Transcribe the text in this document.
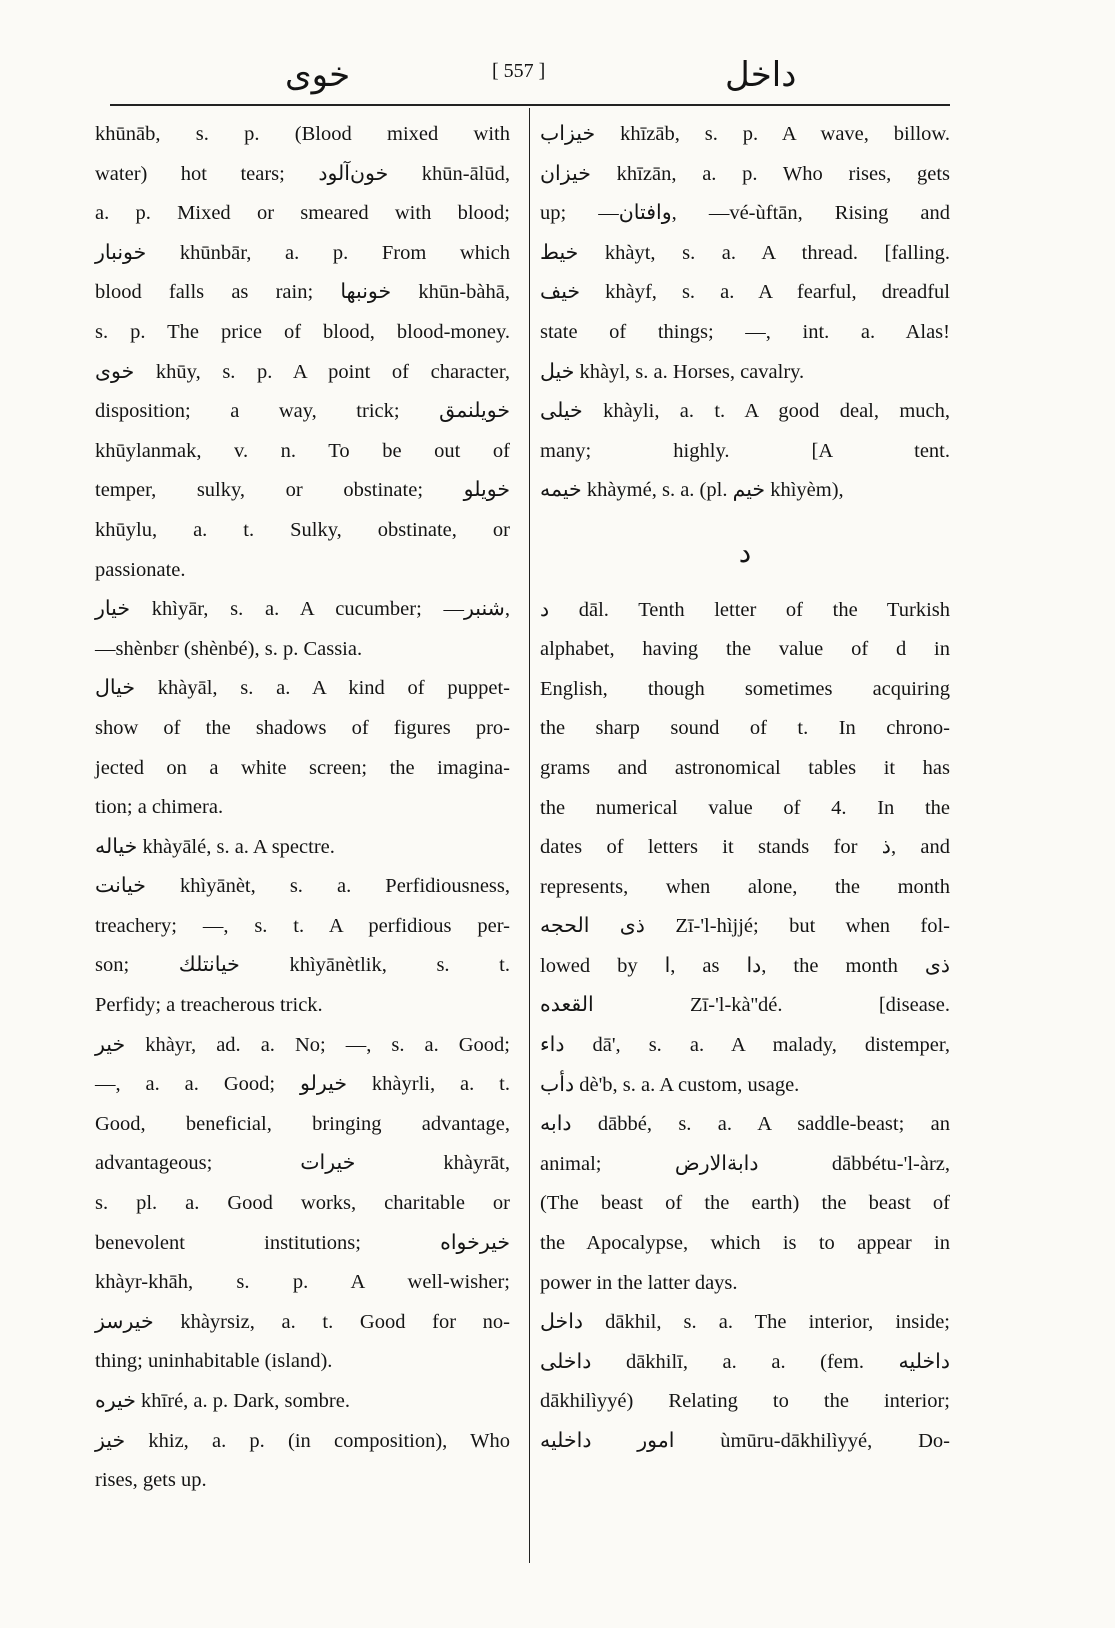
خوى	[ 557 ]	داخل
khūnāb, s. p. (Blood mixed with
water) hot tears; خون‌آلود khūn-ālūd,
a. p. Mixed or smeared with blood;
خونبار khūnbār, a. p. From which
blood falls as rain; خونبها khūn-bàhā,
s. p. The price of blood, blood-money.
خوى khūy, s. p. A point of character,
disposition; a way, trick; خويلنمق
khūylanmak, v. n. To be out of
temper, sulky, or obstinate; خويلو
khūylu, a. t. Sulky, obstinate, or
passionate.
خيار khìyār, s. a. A cucumber; —شنبر,
—shènbɛr (shènbé), s. p. Cassia.
خيال khàyāl, s. a. A kind of puppet-
show of the shadows of figures pro-
jected on a white screen; the imagina-
tion; a chimera.
خياله khàyālé, s. a. A spectre.
خيانت khìyānèt, s. a. Perfidiousness,
treachery; —, s. t. A perfidious per-
son; خيانتلك khìyānètlik, s. t.
Perfidy; a treacherous trick.
خير khàyr, ad. a. No; —, s. a. Good;
—, a. a. Good; خيرلو khàyrli, a. t.
Good, beneficial, bringing advantage,
advantageous; خيرات khàyrāt,
s. pl. a. Good works, charitable or
benevolent institutions; خيرخواه
khàyr-khāh, s. p. A well-wisher;
خيرسز khàyrsiz, a. t. Good for no-
thing; uninhabitable (island).
خيره khīré, a. p. Dark, sombre.
خيز khiz, a. p. (in composition), Who
rises, gets up.
خيزاب khīzāb, s. p. A wave, billow.
خيزان khīzān, a. p. Who rises, gets
up; —وافتان, —vé-ùftān, Rising and
خيط khàyt, s. a. A thread. [falling.
خيف khàyf, s. a. A fearful, dreadful
state of things; —, int. a. Alas!
خيل khàyl, s. a. Horses, cavalry.
خيلى khàyli, a. t. A good deal, much,
many; highly. [A tent.
خيمه khàymé, s. a. (pl. خيم khìyèm),
د
د dāl. Tenth letter of the Turkish
alphabet, having the value of d in
English, though sometimes acquiring
the sharp sound of t. In chrono-
grams and astronomical tables it has
the numerical value of 4. In the
dates of letters it stands for ذ, and
represents, when alone, the month
ذى الحجه Zī-'l-hìjjé; but when fol-
lowed by ا, as دا, the month ذى
القعده Zī-'l-kà''dé. [disease.
داء dā', s. a. A malady, distemper,
دأب dè'b, s. a. A custom, usage.
دابه dābbé, s. a. A saddle-beast; an
animal; دابةالارض dābbétu-'l-àrz,
(The beast of the earth) the beast of
the Apocalypse, which is to appear in
power in the latter days.
داخل dākhil, s. a. The interior, inside;
داخلى dākhilī, a. a. (fem. داخليه
dākhilìyyé) Relating to the interior;
امور داخليه ùmūru-dākhilìyyé, Do-
